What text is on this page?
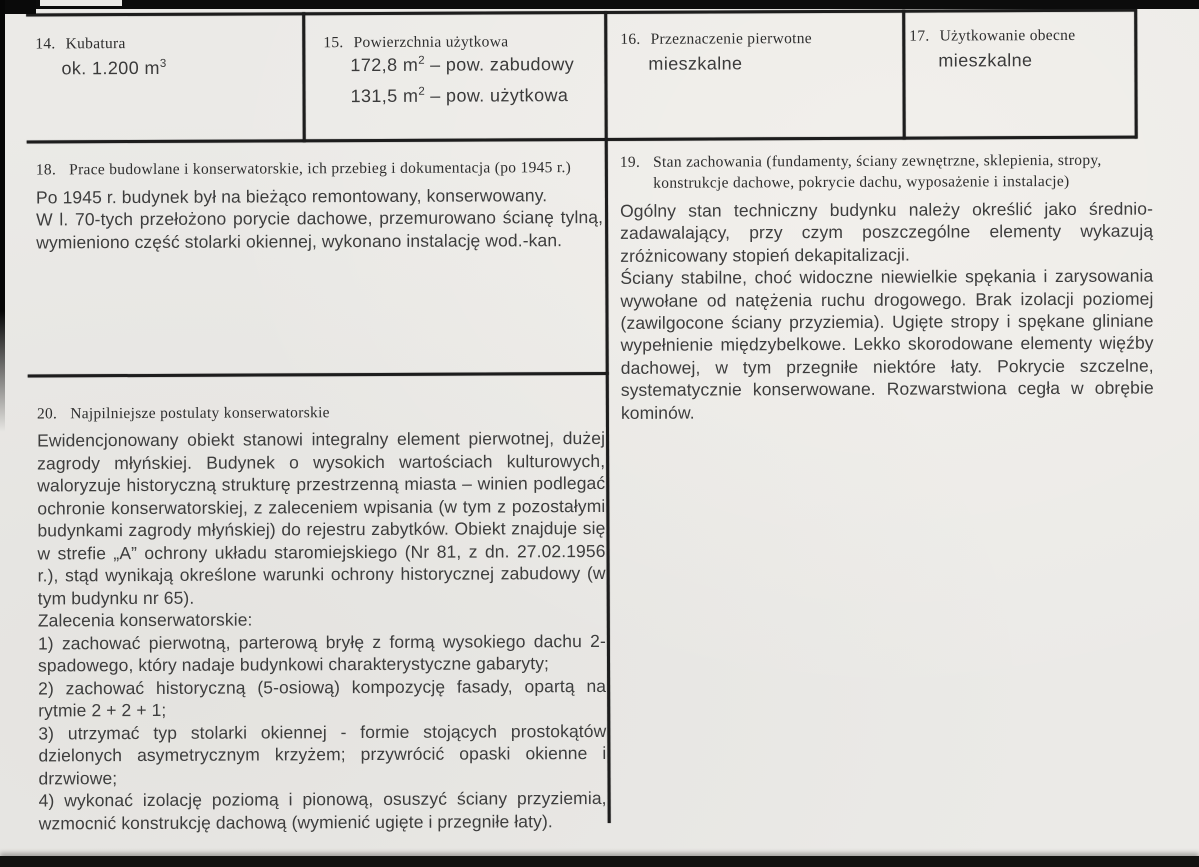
14. Kubatura
ok. 1.200 $m^3$
15. Powierzchnia użytkowa
172,8 $m^2$ – pow. zabudowy
131,5 $m^2$ – pow. użytkowa
16. Przeznaczenie pierwotne
mieszkalne
17. Użytkowanie obecne
mieszkalne
18. Prace budowlane i konserwatorskie, ich przebieg i dokumentacja (po 1945 r.)

Po 1945 r. budynek był na bieżąco remontowany, konserwowany.

W l. 70-tych przełożono porycie dachowe, przemurowano ścianę tylną, wymieniono część stolarki okiennej, wykonano instalację wod.-kan.

19. Stan zachowania (fundamenty, ściany zewnętrzne, sklepienia, stropy, konstrukcje dachowe, pokrycie dachu, wyposażenie i instalacje)

Ogólny stan techniczny budynku należy określić jako średnio-zadawalający, przy czym poszczególne elementy wykazują zróżnicowany stopień dekapitalizacji.

Ściany stabilne, choć widoczne niewielkie spękania i zarysowania wywołane od natężenia ruchu drogowego. Brak izolacji poziomej (zawilgocone ściany przyziemia). Ugięte stropy i spękane gliniane wypełnienie międzybelkowe. Lekko skorodowane elementy więźby dachowej, w tym przegniłe niektóre łaty. Pokrycie szczelne, systematycznie konserwowane. Rozwarstwiona cegła w obrębie kominów.

20. Najpilniejsze postulaty konserwatorskie

Ewidencjonowany obiekt stanowi integralny element pierwotnej, dużej zagrody młyńskiej. Budynek o wysokich wartościach kulturowych, waloryzuje historyczną strukturę przestrzenną miasta – winien podlegać ochronie konserwatorskiej, z zaleceniem wpisania (w tym z pozostałymi budynkami zagrody młyńskiej) do rejestru zabytków. Obiekt znajduje się w strefie „A” ochrony układu staromiejskiego (Nr 81, z dn. 27.02.1956 r.), stąd wynikają określone warunki ochrony historycznej zabudowy (w tym budynku nr 65).

Zalecenia konserwatorskie:

1) zachować pierwotną, parterową bryłę z formą wysokiego dachu 2-spadowego, który nadaje budynkowi charakterystyczne gabaryty;

2) zachować historyczną (5-osiową) kompozycję fasady, opartą na rytmie 2 + 2 + 1;

3) utrzymać typ stolarki okiennej - formie stojących prostokątów dzielonych asymetrycznym krzyżem; przywrócić opaski okienne i drzwiowe;

4) wykonać izolację poziomą i pionową, osuszyć ściany przyziemia, wzmocnić konstrukcję dachową (wymienić ugięte i przegniłe łaty).
